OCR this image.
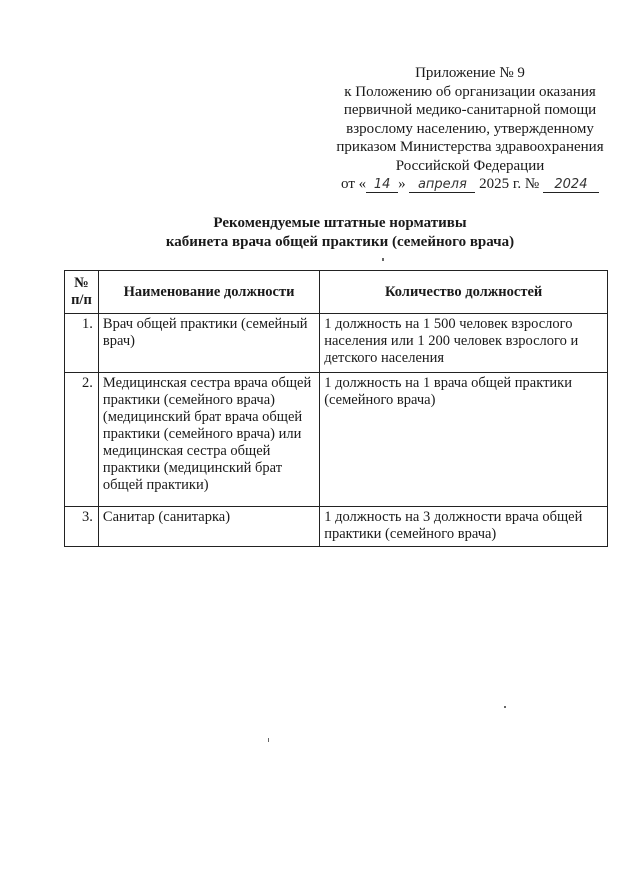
Приложение № 9
к Положению об организации оказания
первичной медико-санитарной помощи
взрослому населению, утвержденному
приказом Министерства здравоохранения
Российской Федерации
от « 14 » апреля 2025 г. № 2024
Рекомендуемые штатные нормативы
кабинета врача общей практики (семейного врача)
№
п/п	Наименование должности	Количество должностей
1.	Врач общей практики (семейный врач)	1 должность на 1 500 человек взрослого населения или 1 200 человек взрослого и детского населения
2.	Медицинская сестра врача общей практики (семейного врача) (медицинский брат врача общей практики (семейного врача) или медицинская сестра общей практики (медицинский брат общей практики)	1 должность на 1 врача общей практики (семейного врача)
3.	Санитар (санитарка)	1 должность на 3 должности врача общей практики (семейного врача)
